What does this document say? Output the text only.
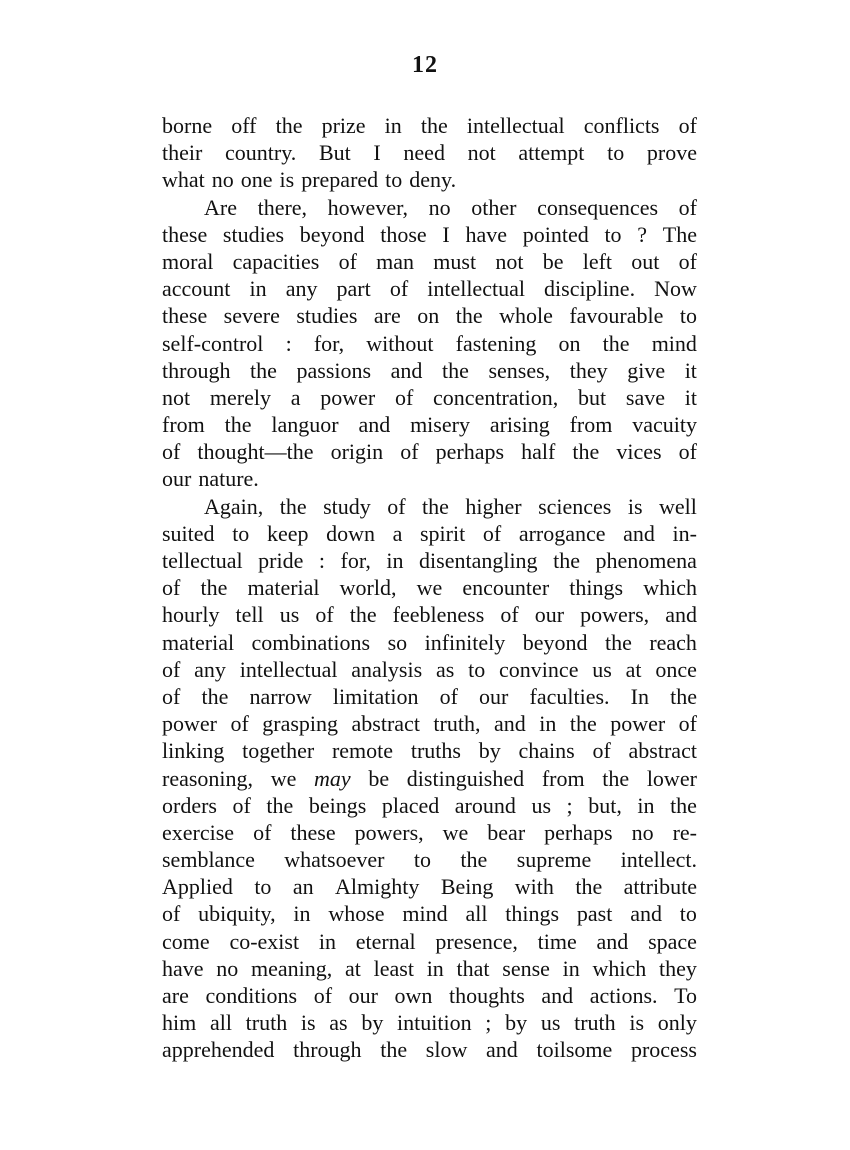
12
borne off the prize in the intellectual conflicts of
their country. But I need not attempt to prove
what no one is prepared to deny.
Are there, however, no other consequences of
these studies beyond those I have pointed to ? The
moral capacities of man must not be left out of
account in any part of intellectual discipline. Now
these severe studies are on the whole favourable to
self-control : for, without fastening on the mind
through the passions and the senses, they give it
not merely a power of concentration, but save it
from the languor and misery arising from vacuity
of thought—the origin of perhaps half the vices of
our nature.
Again, the study of the higher sciences is well
suited to keep down a spirit of arrogance and in-
tellectual pride : for, in disentangling the phenomena
of the material world, we encounter things which
hourly tell us of the feebleness of our powers, and
material combinations so infinitely beyond the reach
of any intellectual analysis as to convince us at once
of the narrow limitation of our faculties. In the
power of grasping abstract truth, and in the power of
linking together remote truths by chains of abstract
reasoning, we may be distinguished from the lower
orders of the beings placed around us ; but, in the
exercise of these powers, we bear perhaps no re-
semblance whatsoever to the supreme intellect.
Applied to an Almighty Being with the attribute
of ubiquity, in whose mind all things past and to
come co-exist in eternal presence, time and space
have no meaning, at least in that sense in which they
are conditions of our own thoughts and actions. To
him all truth is as by intuition ; by us truth is only
apprehended through the slow and toilsome process
